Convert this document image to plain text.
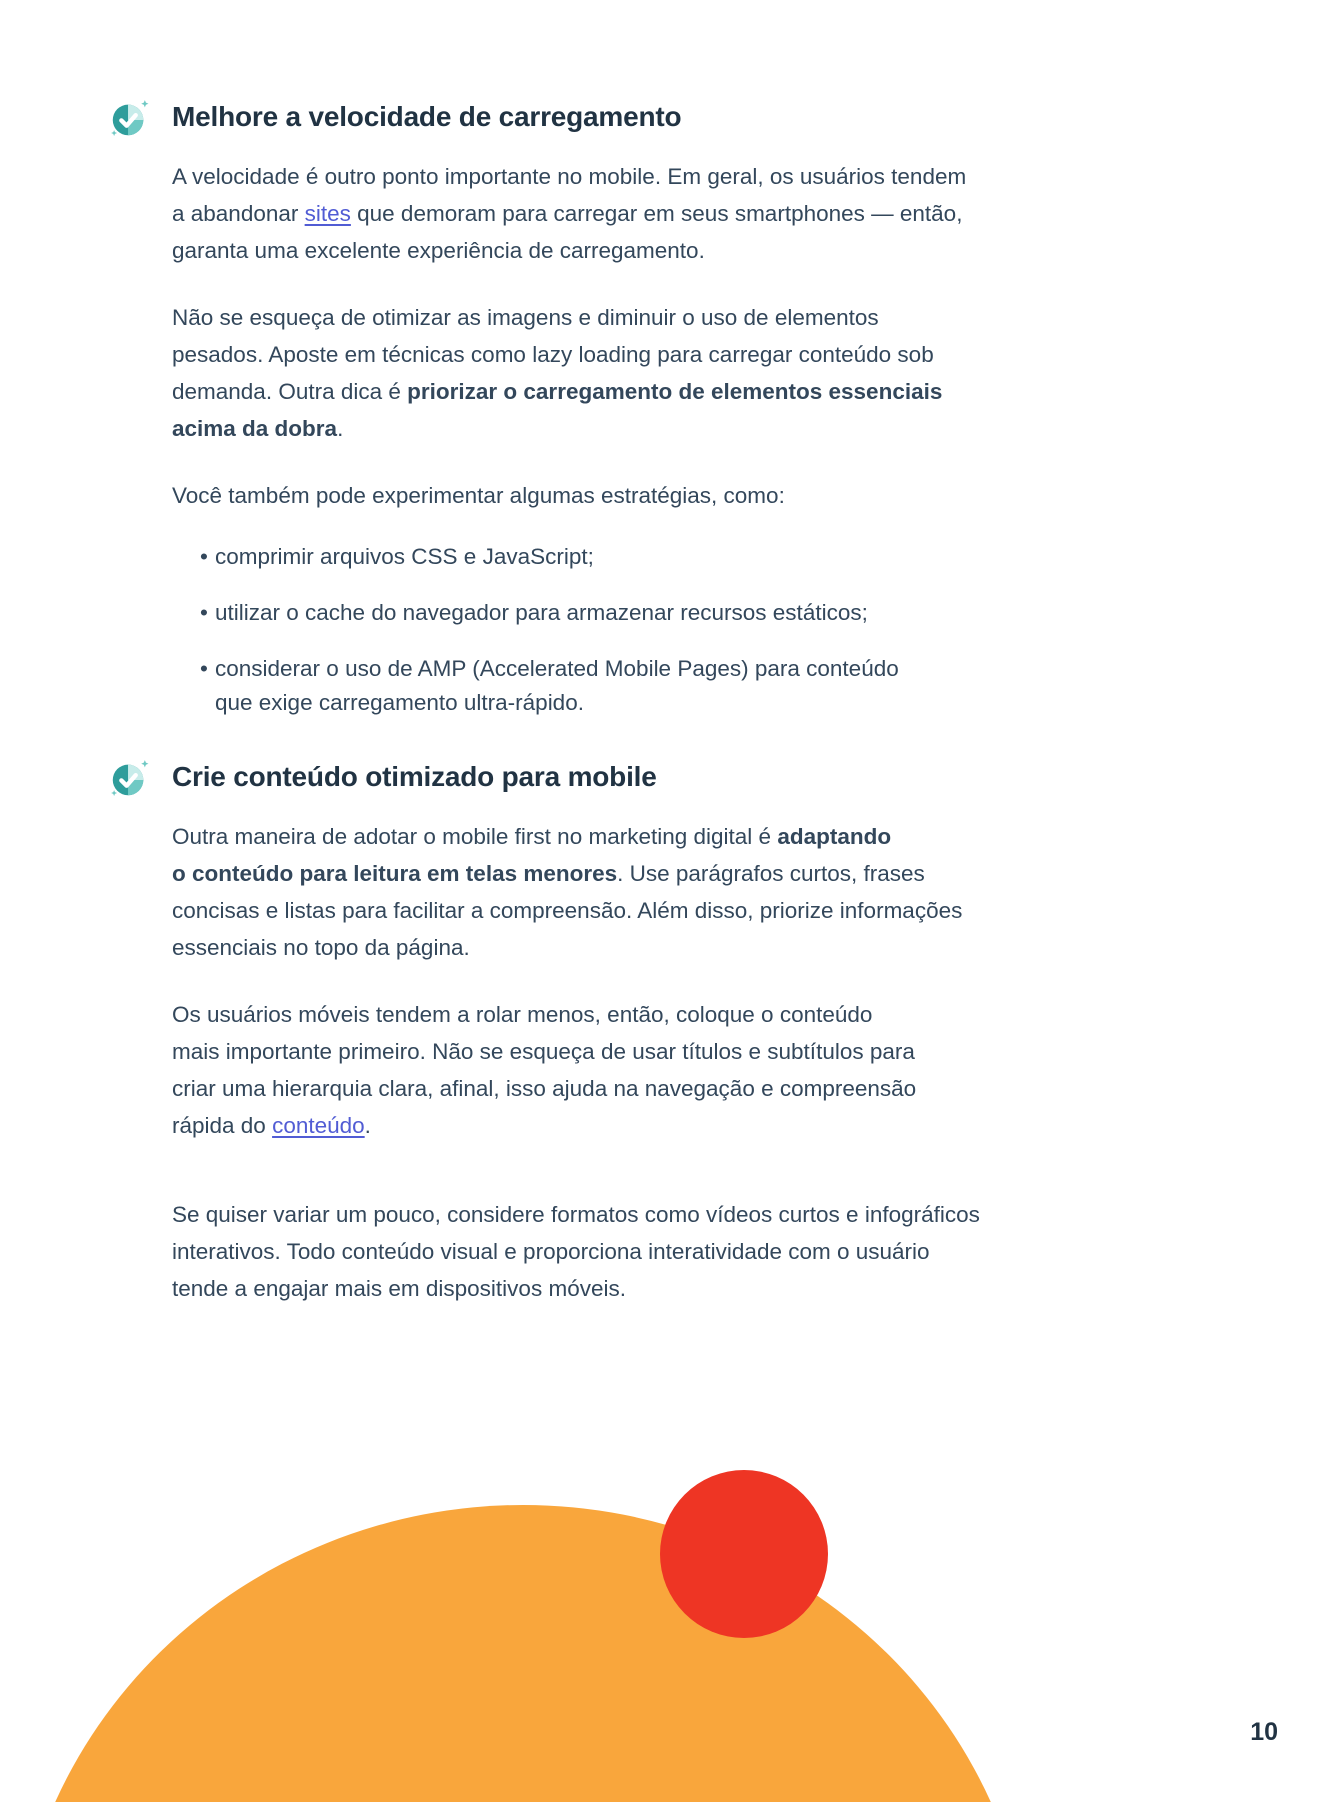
Melhore a velocidade de carregamento

A velocidade é outro ponto importante no mobile. Em geral, os usuários tendem
a abandonar sites que demoram para carregar em seus smartphones — então,
garanta uma excelente experiência de carregamento.

Não se esqueça de otimizar as imagens e diminuir o uso de elementos
pesados. Aposte em técnicas como lazy loading para carregar conteúdo sob
demanda. Outra dica é priorizar o carregamento de elementos essenciais
acima da dobra.

Você também pode experimentar algumas estratégias, como:

• comprimir arquivos CSS e JavaScript;
• utilizar o cache do navegador para armazenar recursos estáticos;
• considerar o uso de AMP (Accelerated Mobile Pages) para conteúdo
que exige carregamento ultra-rápido.
Crie conteúdo otimizado para mobile

Outra maneira de adotar o mobile first no marketing digital é adaptando
o conteúdo para leitura em telas menores. Use parágrafos curtos, frases
concisas e listas para facilitar a compreensão. Além disso, priorize informações
essenciais no topo da página.

Os usuários móveis tendem a rolar menos, então, coloque o conteúdo
mais importante primeiro. Não se esqueça de usar títulos e subtítulos para
criar uma hierarquia clara, afinal, isso ajuda na navegação e compreensão
rápida do conteúdo.

Se quiser variar um pouco, considere formatos como vídeos curtos e infográficos
interativos. Todo conteúdo visual e proporciona interatividade com o usuário
tende a engajar mais em dispositivos móveis.

10
